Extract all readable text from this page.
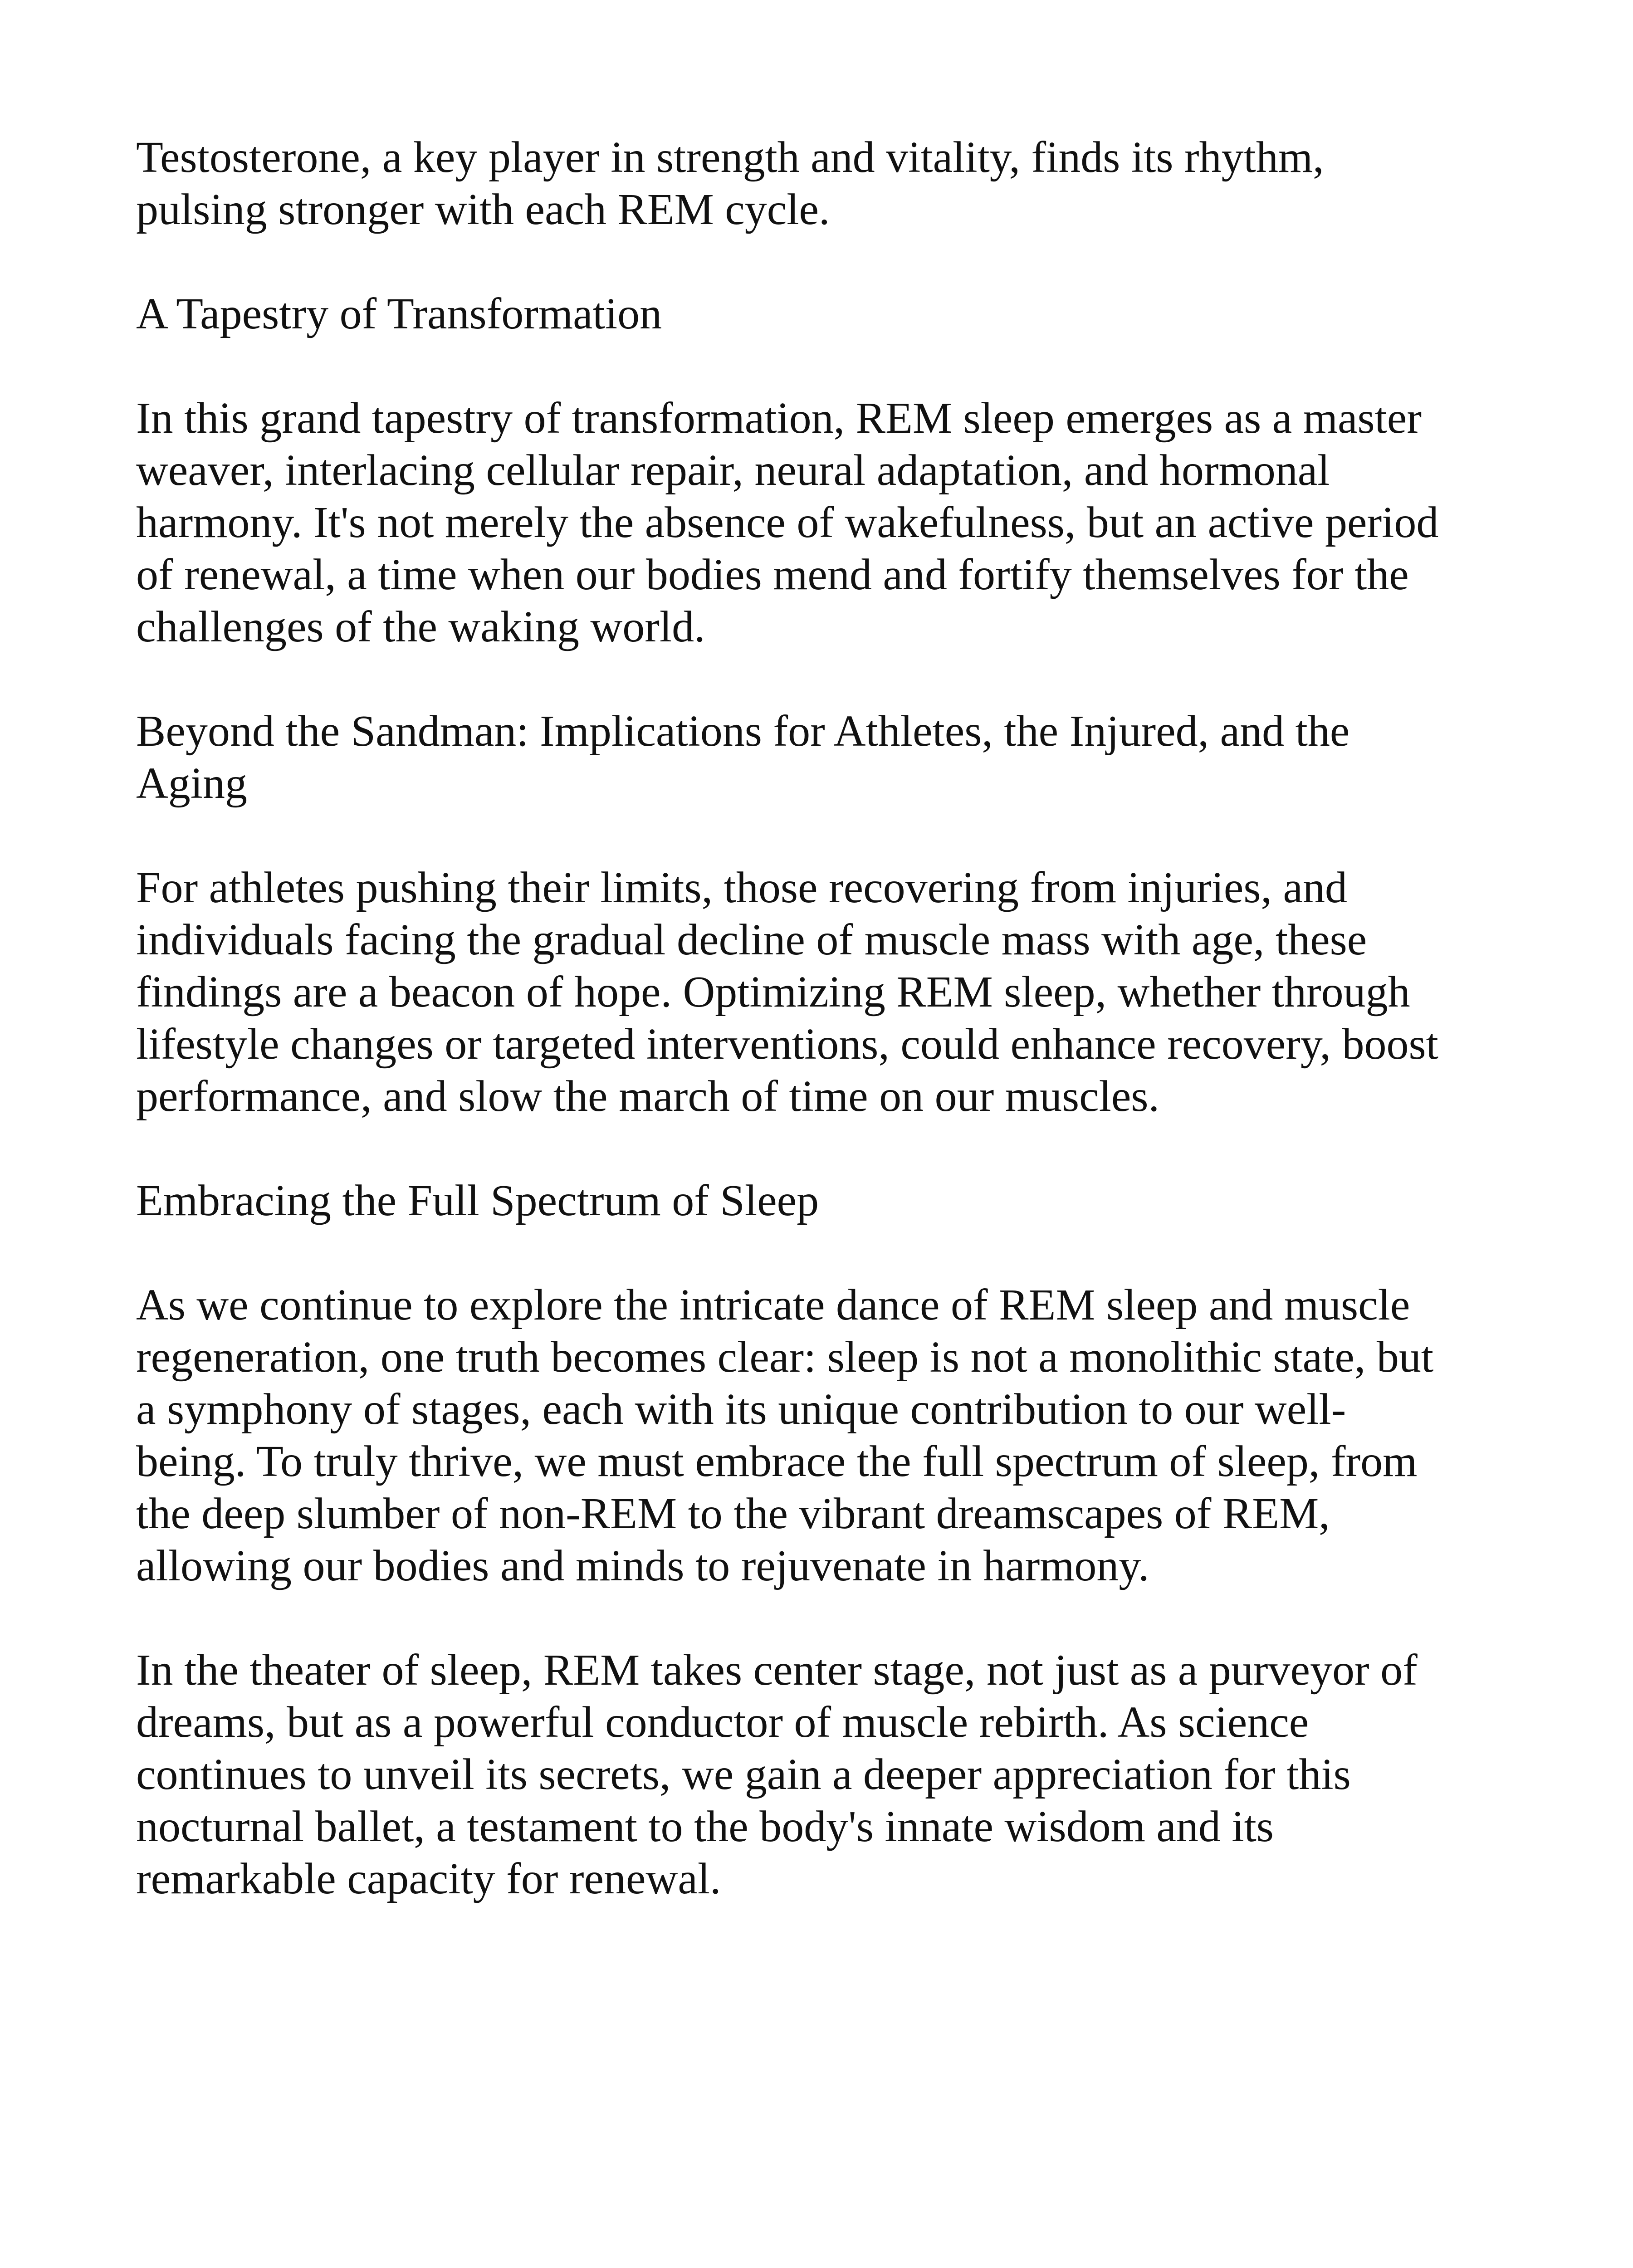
Testosterone, a key player in strength and vitality, finds its rhythm, pulsing stronger with each REM cycle.

A Tapestry of Transformation

In this grand tapestry of transformation, REM sleep emerges as a master weaver, interlacing cellular repair, neural adaptation, and hormonal harmony. It's not merely the absence of wakefulness, but an active period of renewal, a time when our bodies mend and fortify themselves for the challenges of the waking world.

Beyond the Sandman: Implications for Athletes, the Injured, and the Aging

For athletes pushing their limits, those recovering from injuries, and individuals facing the gradual decline of muscle mass with age, these findings are a beacon of hope. Optimizing REM sleep, whether through lifestyle changes or targeted interventions, could enhance recovery, boost performance, and slow the march of time on our muscles.

Embracing the Full Spectrum of Sleep

As we continue to explore the intricate dance of REM sleep and muscle regeneration, one truth becomes clear: sleep is not a monolithic state, but a symphony of stages, each with its unique contribution to our well-being. To truly thrive, we must embrace the full spectrum of sleep, from the deep slumber of non-REM to the vibrant dreamscapes of REM, allowing our bodies and minds to rejuvenate in harmony.

In the theater of sleep, REM takes center stage, not just as a purveyor of dreams, but as a powerful conductor of muscle rebirth. As science continues to unveil its secrets, we gain a deeper appreciation for this nocturnal ballet, a testament to the body's innate wisdom and its remarkable capacity for renewal.
